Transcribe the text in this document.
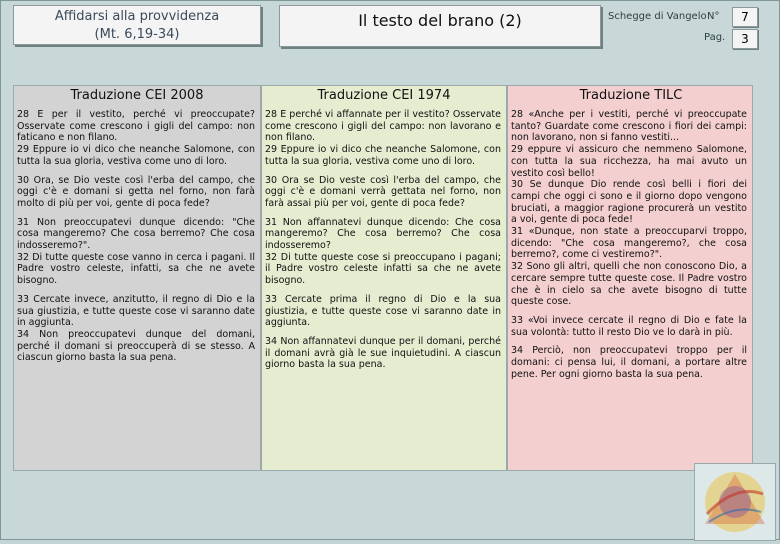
Affidarsi alla provvidenza
(Mt. 6,19-34)
Il testo del brano (2)	Schegge di Vangelo N°	7
Pag.	3
Traduzione CEI 2008

28 E per il vestito, perché vi preoccupate? Osservate come crescono i gigli del campo: non faticano e non filano.

29 Eppure io vi dico che neanche Salomone, con tutta la sua gloria, vestiva come uno di loro.

30 Ora, se Dio veste così l'erba del campo, che oggi c'è e domani si getta nel forno, non farà molto di più per voi, gente di poca fede?

31 Non preoccupatevi dunque dicendo: "Che cosa mangeremo? Che cosa berremo? Che cosa indosseremo?".

32 Di tutte queste cose vanno in cerca i pagani. Il Padre vostro celeste, infatti, sa che ne avete bisogno.

33 Cercate invece, anzitutto, il regno di Dio e la sua giustizia, e tutte queste cose vi saranno date in aggiunta.

34 Non preoccupatevi dunque del domani, perché il domani si preoccuperà di se stesso. A ciascun giorno basta la sua pena.

Traduzione CEI 1974

28 E perché vi affannate per il vestito? Osservate come crescono i gigli del campo: non lavorano e non filano.

29 Eppure io vi dico che neanche Salomone, con tutta la sua gloria, vestiva come uno di loro.

30 Ora se Dio veste così l'erba del campo, che oggi c'è e domani verrà gettata nel forno, non farà assai più per voi, gente di poca fede?

31 Non affannatevi dunque dicendo: Che cosa mangeremo? Che cosa berremo? Che cosa indosseremo?

32 Di tutte queste cose si preoccupano i pagani; il Padre vostro celeste infatti sa che ne avete bisogno.

33 Cercate prima il regno di Dio e la sua giustizia, e tutte queste cose vi saranno date in aggiunta.

34 Non affannatevi dunque per il domani, perché il domani avrà già le sue inquietudini. A ciascun giorno basta la sua pena.

Traduzione TILC

28 «Anche per i vestiti, perché vi preoccupate tanto? Guardate come crescono i fiori dei campi: non lavorano, non si fanno vestiti...

29 eppure vi assicuro che nemmeno Salomone, con tutta la sua ricchezza, ha mai avuto un vestito così bello!

30 Se dunque Dio rende così belli i fiori dei campi che oggi ci sono e il giorno dopo vengono bruciati, a maggior ragione procurerà un vestito a voi, gente di poca fede!

31 «Dunque, non state a preoccuparvi troppo, dicendo: "Che cosa mangeremo?, che cosa berremo?, come ci vestiremo?".

32 Sono gli altri, quelli che non conoscono Dio, a cercare sempre tutte queste cose. Il Padre vostro che è in cielo sa che avete bisogno di tutte queste cose.

33 «Voi invece cercate il regno di Dio e fate la sua volontà: tutto il resto Dio ve lo darà in più.

34 Perciò, non preoccupatevi troppo per il domani: ci pensa lui, il domani, a portare altre pene. Per ogni giorno basta la sua pena.
